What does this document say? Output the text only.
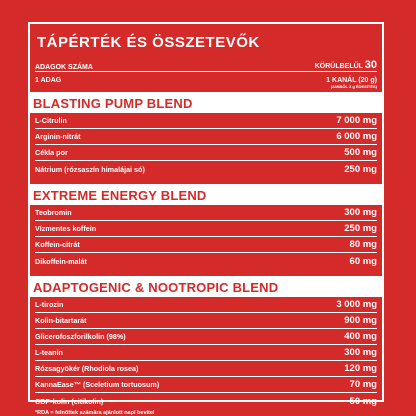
TÁPÉRTÉK ÉS ÖSSZETEVŐK
ADAGOK SZÁMA	KÖRÜLBELÜL 30
1 ADAG	1 KANÁL (20 g)
(AMIBŐL 3 g ÉDESÍTÉS)
BLASTING PUMP BLEND
L-Citrulin	7 000 mg
Arginin-nitrát	6 000 mg
Cékla por	500 mg
Nátrium (rózsaszín himalájai só)	250 mg
EXTREME ENERGY BLEND
Teobromin	300 mg
Vízmentes koffein	250 mg
Koffein-citrát	80 mg
Dikoffein-malát	60 mg
ADAPTOGENIC & NOOTROPIC BLEND
L-tirozin	3 000 mg
Kolin-bitartarát	900 mg
Glicerofoszforilkolin (98%)	400 mg
L-teanin	300 mg
Rózsagyökér (Rhodiola rosea)	120 mg
KannaEase™ (Sceletium tortuosum)	70 mg
CDP-kolin (citikolin)	50 mg
*RDA = felnőttek számára ajánlott napi bevitel
